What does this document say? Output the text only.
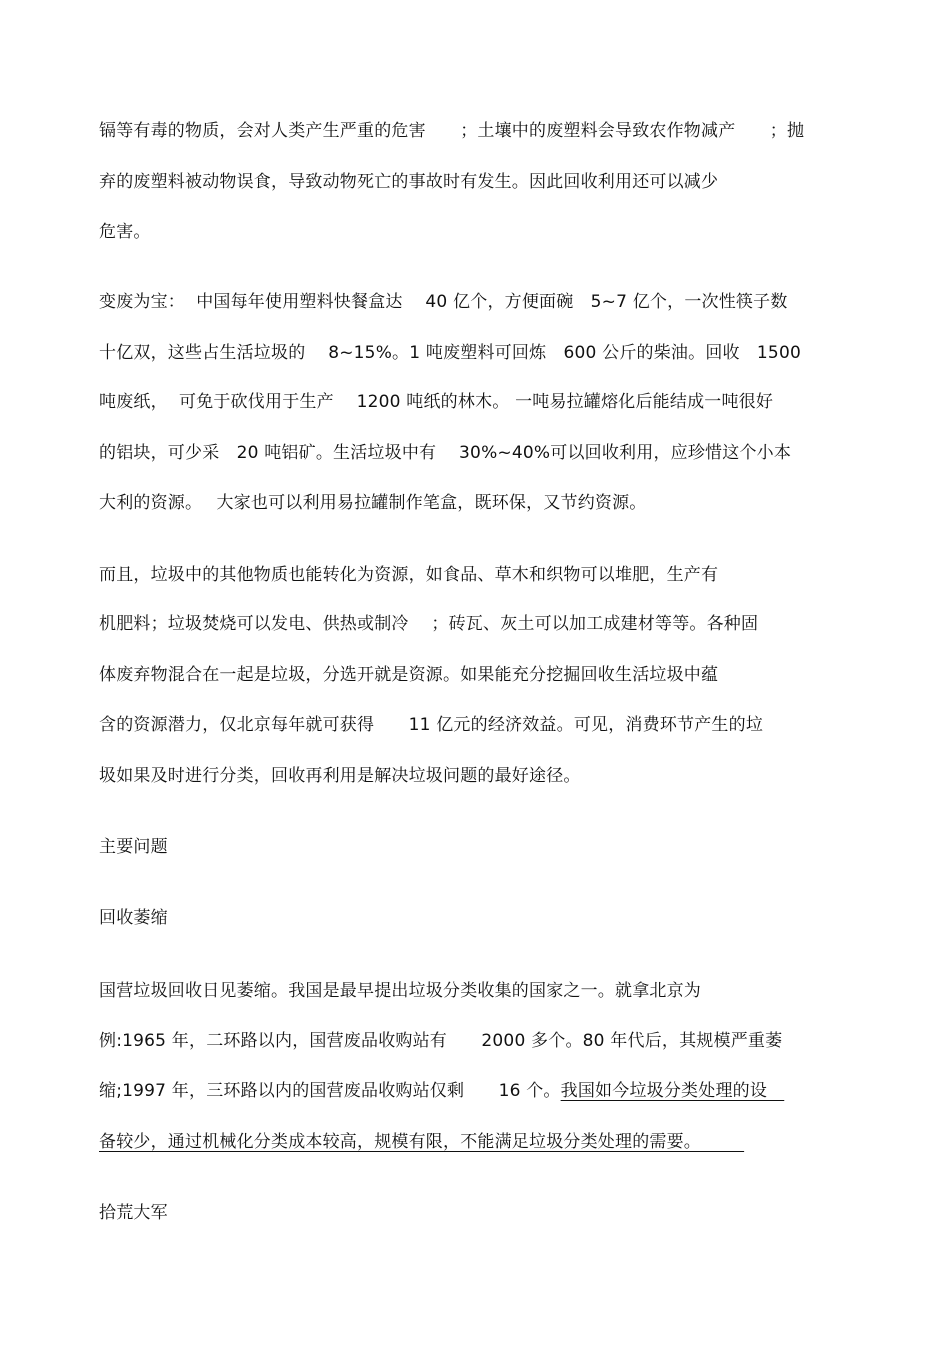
镉等有毒的物质，会对人类产生严重的危害　　；土壤中的废塑料会导致农作物减产　　；抛
弃的废塑料被动物误食，导致动物死亡的事故时有发生。因此回收利用还可以减少
危害。
变废为宝：  中国每年使用塑料快餐盒达　 40 亿个，方便面碗　5~7 亿个，一次性筷子数
十亿双，这些占生活垃圾的　 8~15%。1 吨废塑料可回炼　600 公斤的柴油。回收　1500
吨废纸，  可免于砍伐用于生产　 1200 吨纸的林木。 一吨易拉罐熔化后能结成一吨很好
的铝块，可少采　20 吨铝矿。生活垃圾中有　 30%~40%可以回收利用，应珍惜这个小本
大利的资源。　 大家也可以利用易拉罐制作笔盒，既环保，又节约资源。
而且，垃圾中的其他物质也能转化为资源，如食品、草木和织物可以堆肥，生产有
机肥料；垃圾焚烧可以发电、供热或制冷　 ；砖瓦、灰土可以加工成建材等等。各种固
体废弃物混合在一起是垃圾，分选开就是资源。如果能充分挖掘回收生活垃圾中蕴
含的资源潜力，仅北京每年就可获得　　11 亿元的经济效益。可见，消费环节产生的垃
圾如果及时进行分类，回收再利用是解决垃圾问题的最好途径。
主要问题
回收萎缩
国营垃圾回收日见萎缩。我国是最早提出垃圾分类收集的国家之一。就拿北京为
例:1965 年，二环路以内，国营废品收购站有　　2000 多个。80 年代后，其规模严重萎
缩;1997 年，三环路以内的国营废品收购站仅剩　　16 个。我国如今垃圾分类处理的设　
备较少，通过机械化分类成本较高，规模有限，不能满足垃圾分类处理的需要。　　　
拾荒大军
